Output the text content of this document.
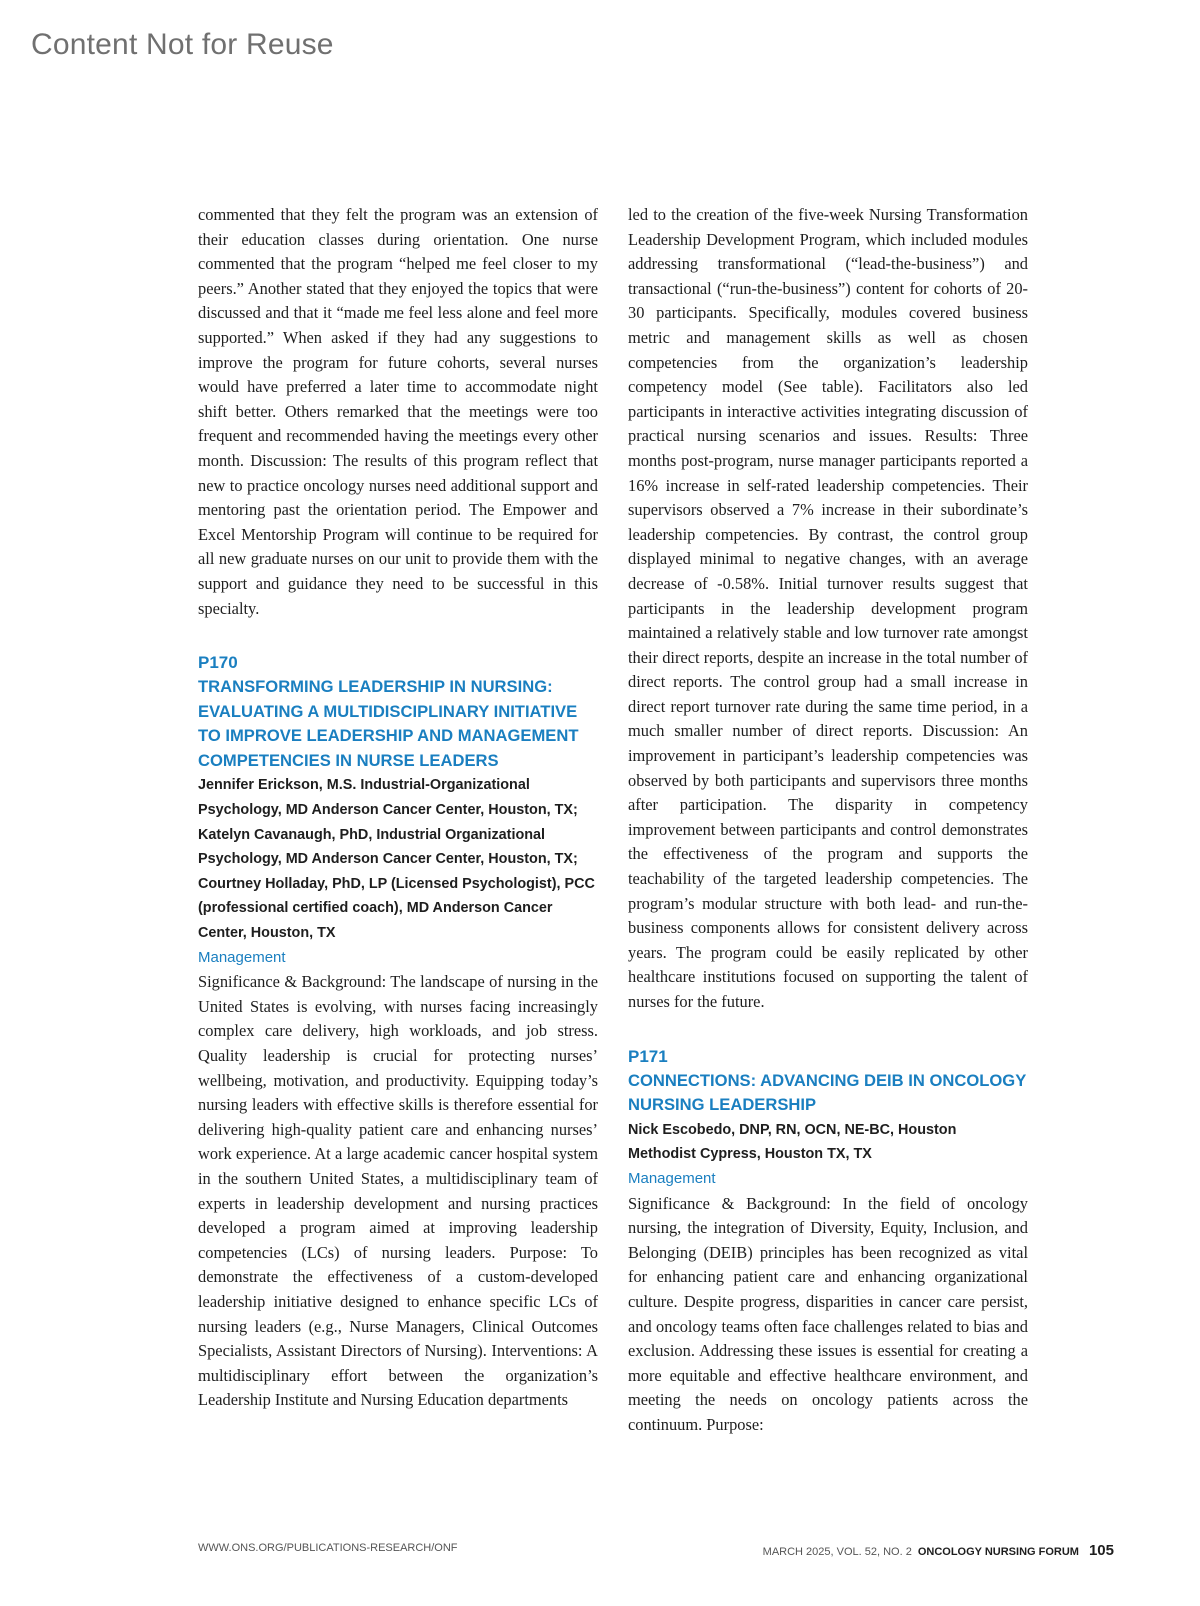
Content Not for Reuse

commented that they felt the program was an extension of their education classes during orientation. One nurse commented that the program “helped me feel closer to my peers.” Another stated that they enjoyed the topics that were discussed and that it “made me feel less alone and feel more supported.” When asked if they had any suggestions to improve the program for future cohorts, several nurses would have preferred a later time to accommodate night shift better. Others remarked that the meetings were too frequent and recommended having the meetings every other month. Discussion: The results of this program reflect that new to practice oncology nurses need additional support and mentoring past the orientation period. The Empower and Excel Mentorship Program will continue to be required for all new graduate nurses on our unit to provide them with the support and guidance they need to be successful in this specialty.

P170

TRANSFORMING LEADERSHIP IN NURSING: EVALUATING A MULTIDISCIPLINARY INITIATIVE TO IMPROVE LEADERSHIP AND MANAGEMENT COMPETENCIES IN NURSE LEADERS

Jennifer Erickson, M.S. Industrial-Organizational Psychology, MD Anderson Cancer Center, Houston, TX; Katelyn Cavanaugh, PhD, Industrial Organizational Psychology, MD Anderson Cancer Center, Houston, TX; Courtney Holladay, PhD, LP (Licensed Psychologist), PCC (professional certified coach), MD Anderson Cancer Center, Houston, TX

Management

Significance & Background: The landscape of nursing in the United States is evolving, with nurses facing increasingly complex care delivery, high workloads, and job stress. Quality leadership is crucial for protecting nurses’ wellbeing, motivation, and productivity. Equipping today’s nursing leaders with effective skills is therefore essential for delivering high-quality patient care and enhancing nurses’ work experience. At a large academic cancer hospital system in the southern United States, a multidisciplinary team of experts in leadership development and nursing practices developed a program aimed at improving leadership competencies (LCs) of nursing leaders. Purpose: To demonstrate the effectiveness of a custom-developed leadership initiative designed to enhance specific LCs of nursing leaders (e.g., Nurse Managers, Clinical Outcomes Specialists, Assistant Directors of Nursing). Interventions: A multidisciplinary effort between the organization’s Leadership Institute and Nursing Education departments

led to the creation of the five-week Nursing Transformation Leadership Development Program, which included modules addressing transformational (“lead-the-business”) and transactional (“run-the-business”) content for cohorts of 20-30 participants. Specifically, modules covered business metric and management skills as well as chosen competencies from the organization’s leadership competency model (See table). Facilitators also led participants in interactive activities integrating discussion of practical nursing scenarios and issues. Results: Three months post-program, nurse manager participants reported a 16% increase in self-rated leadership competencies. Their supervisors observed a 7% increase in their subordinate’s leadership competencies. By contrast, the control group displayed minimal to negative changes, with an average decrease of -0.58%. Initial turnover results suggest that participants in the leadership development program maintained a relatively stable and low turnover rate amongst their direct reports, despite an increase in the total number of direct reports. The control group had a small increase in direct report turnover rate during the same time period, in a much smaller number of direct reports. Discussion: An improvement in participant’s leadership competencies was observed by both participants and supervisors three months after participation. The disparity in competency improvement between participants and control demonstrates the effectiveness of the program and supports the teachability of the targeted leadership competencies. The program’s modular structure with both lead- and run-the-business components allows for consistent delivery across years. The program could be easily replicated by other healthcare institutions focused on supporting the talent of nurses for the future.

P171

CONNECTIONS: ADVANCING DEIB IN ONCOLOGY NURSING LEADERSHIP

Nick Escobedo, DNP, RN, OCN, NE-BC, Houston Methodist Cypress, Houston TX, TX

Management

Significance & Background: In the field of oncology nursing, the integration of Diversity, Equity, Inclusion, and Belonging (DEIB) principles has been recognized as vital for enhancing patient care and enhancing organizational culture. Despite progress, disparities in cancer care persist, and oncology teams often face challenges related to bias and exclusion. Addressing these issues is essential for creating a more equitable and effective healthcare environment, and meeting the needs on oncology patients across the continuum. Purpose:

WWW.ONS.ORG/PUBLICATIONS-RESEARCH/ONF	MARCH 2025, VOL. 52, NO. 2 ONCOLOGY NURSING FORUM 105
